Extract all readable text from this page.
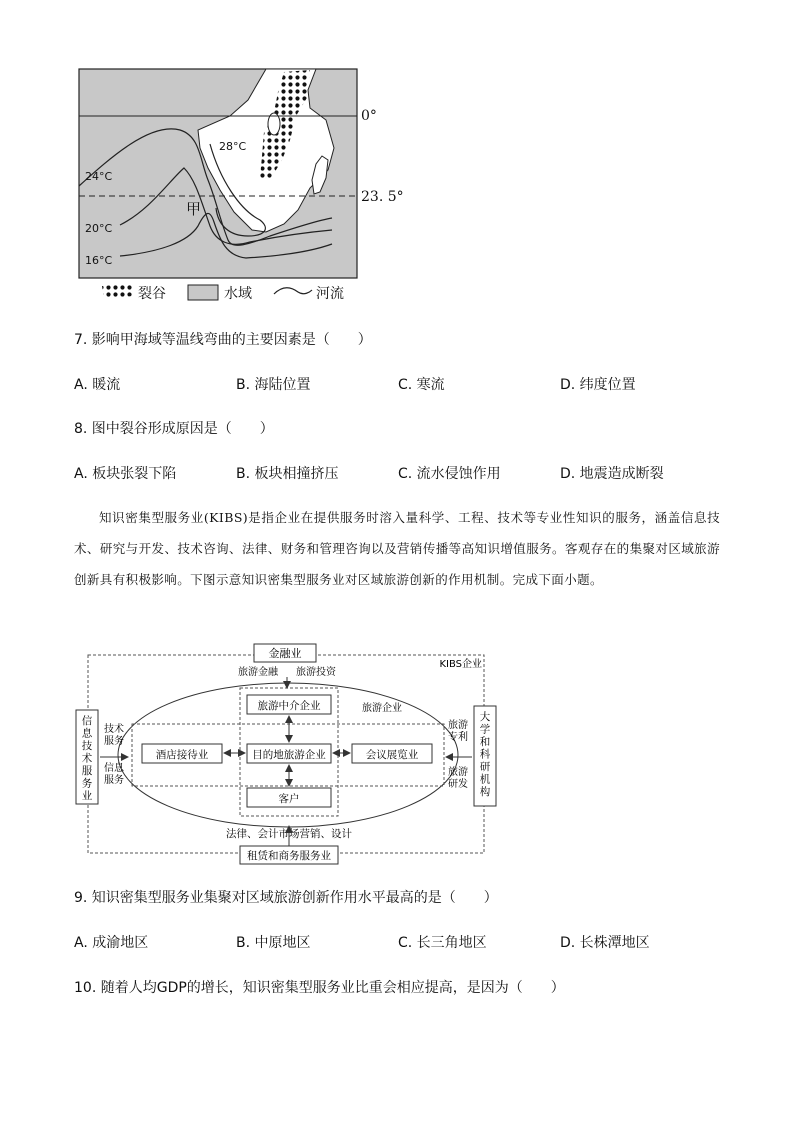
28°C
24°C
20°C
16°C
甲
0°
23. 5°
裂谷	水域	河流
7. 影响甲海域等温线弯曲的主要因素是（　　）
A. 暖流	B. 海陆位置	C. 寒流	D. 纬度位置
8. 图中裂谷形成原因是（　　）
A. 板块张裂下陷	B. 板块相撞挤压	C. 流水侵蚀作用	D. 地震造成断裂
知识密集型服务业(KIBS)是指企业在提供服务时溶入量科学、工程、技术等专业性知识的服务，涵盖信息技术、研究与开发、技术咨询、法律、财务和管理咨询以及营销传播等高知识增值服务。客观存在的集聚对区域旅游创新具有积极影响。下图示意知识密集型服务业对区域旅游创新的作用机制。完成下面小题。
金融业
旅游金融 旅游投资
KIBS企业
旅游企业
旅游中介企业
目的地旅游企业
酒店接待业	会议展览业
客户
信息技术服务业
技术
服务
信息
服务
大学和科研机构
旅游
专利
旅游
研发
法律、会计市场营销、设计
租赁和商务服务业
9. 知识密集型服务业集聚对区域旅游创新作用水平最高的是（　　）
A. 成渝地区	B. 中原地区	C. 长三角地区	D. 长株潭地区
10. 随着人均GDP的增长，知识密集型服务业比重会相应提高，是因为（　　）
